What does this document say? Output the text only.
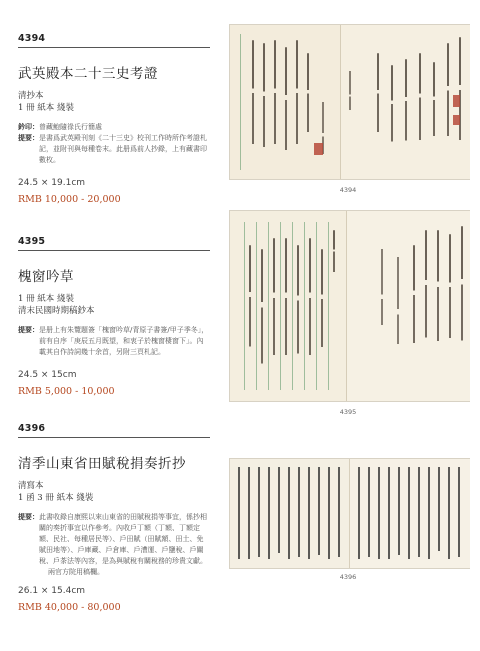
4394
武英殿本二十三史考證
清抄本
1 冊 紙本 綫裝
鈐印： 曾藏鮑隨祿氏行簡處
提要： 是書爲武英殿刊刻《二十三史》校刊工作時所作考證札記，並附刊與每種卷末。此册爲前人抄錄，上有藏書印數枚。
24.5 × 19.1cm
RMB 10,000 - 20,000
4394
4395
槐窗吟草
1 冊 紙本 綫裝
清末民國時期稿鈔本
提要： 是册上有朱覽題簽「槐窗吟草/青原子書簽/甲子季冬」，前有自序「庚辰五月既望，和衷子於槐窗棲窗下」。內載其自作詩詞幾十余首，另附三頁札記。
24.5 × 15cm
RMB 5,000 - 10,000
4395
4396
清季山東省田賦稅捐奏折抄
清寫本
1 函 3 冊 紙本 綫裝
提要： 此書收錄自康熙以來山東省的田賦稅捐等事宜，係抄相關的奏折事宜以作參考。內收戶丁額（丁額、丁額定額、民社、每種居民等）、戶田賦（田賦額、田土、免賦田地等）、戶庫藏、戶倉庫、戶漕運、戶鹽稅、戶關稅、戶茶法等內容，是為與賦稅有關稅務的珍貴文獻。
兩官方院用稿欄。
26.1 × 15.4cm
RMB 40,000 - 80,000
4396
